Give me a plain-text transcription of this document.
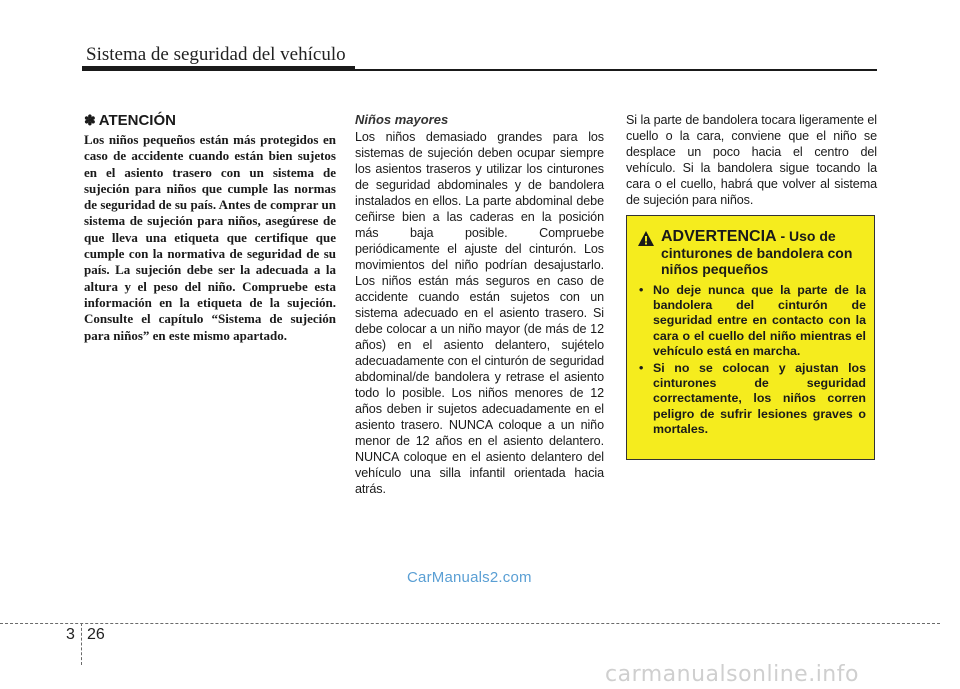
Sistema de seguridad del vehículo
✽ ATENCIÓN

Los niños pequeños están más protegidos en caso de accidente cuando están bien sujetos en el asiento trasero con un sistema de sujeción para niños que cumple las normas de seguridad de su país. Antes de comprar un sistema de sujeción para niños, asegúrese de que lleva una etiqueta que certifique que cumple con la normativa de seguridad de su país. La sujeción debe ser la adecuada a la altura y el peso del niño. Compruebe esta información en la etiqueta de la sujeción. Consulte el capítulo “Sistema de sujeción para niños” en este mismo apartado.

Niños mayores

Los niños demasiado grandes para los sistemas de sujeción deben ocupar siempre los asientos traseros y utilizar los cinturones de seguridad abdominales y de bandolera instalados en ellos. La parte abdominal debe ceñirse bien a las caderas en la posición más baja posible. Compruebe periódicamente el ajuste del cinturón. Los movimientos del niño podrían desajustarlo. Los niños están más seguros en caso de accidente cuando están sujetos con un sistema adecuado en el asiento trasero. Si debe colocar a un niño mayor (de más de 12 años) en el asiento delantero, sujételo adecuadamente con el cinturón de seguridad abdominal/de bandolera y retrase el asiento todo lo posible. Los niños menores de 12 años deben ir sujetos adecuadamente en el asiento trasero. NUNCA coloque a un niño menor de 12 años en el asiento delantero. NUNCA coloque en el asiento delantero del vehículo una silla infantil orientada hacia atrás.

Si la parte de bandolera tocara ligeramente el cuello o la cara, conviene que el niño se desplace un poco hacia el centro del vehículo. Si la bandolera sigue tocando la cara o el cuello, habrá que volver al sistema de sujeción para niños.

ADVERTENCIA - Uso de cinturones de bandolera con niños pequeños
• No deje nunca que la parte de la bandolera del cinturón de seguridad entre en contacto con la cara o el cuello del niño mientras el vehículo está en marcha.
• Si no se colocan y ajustan los cinturones de seguridad correctamente, los niños corren peligro de sufrir lesiones graves o mortales.
CarManuals2.com
3 26
carmanualsonline.info
